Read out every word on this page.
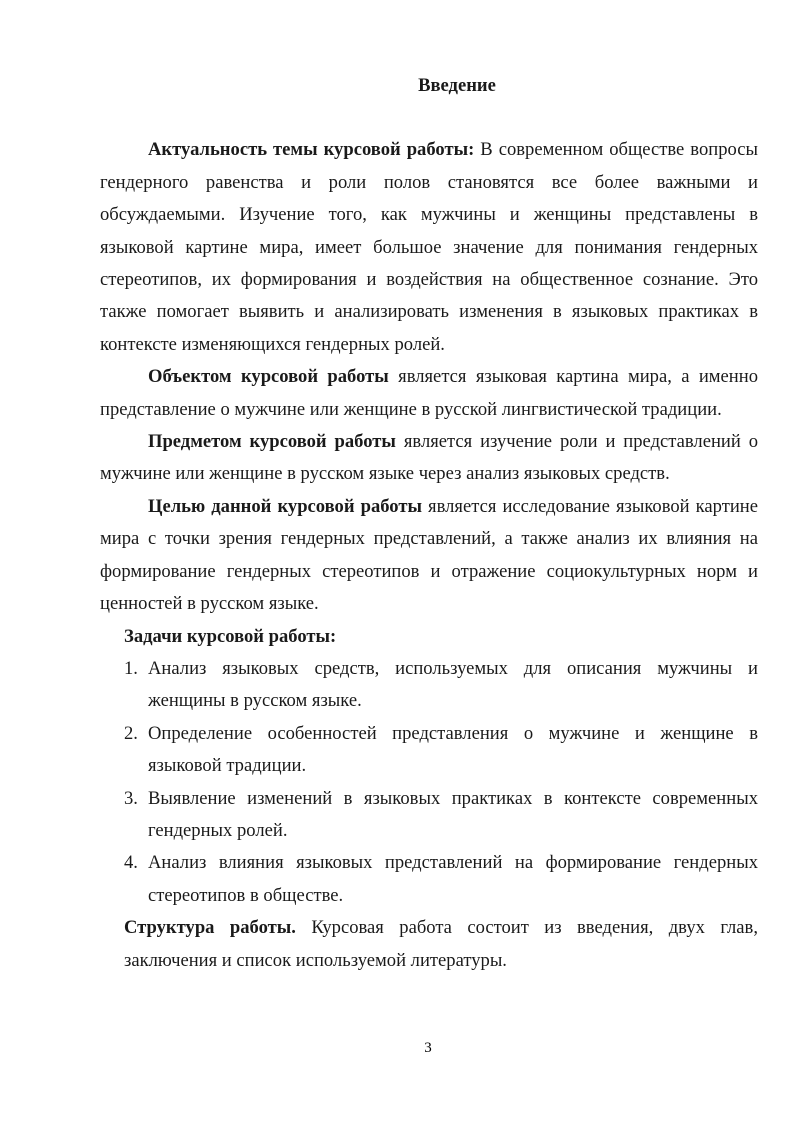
Введение

Актуальность темы курсовой работы: В современном обществе вопросы гендерного равенства и роли полов становятся все более важными и обсуждаемыми. Изучение того, как мужчины и женщины представлены в языковой картине мира, имеет большое значение для понимания гендерных стереотипов, их формирования и воздействия на общественное сознание. Это также помогает выявить и анализировать изменения в языковых практиках в контексте изменяющихся гендерных ролей.

Объектом курсовой работы является языковая картина мира, а именно представление о мужчине или женщине в русской лингвистической традиции.

Предметом курсовой работы является изучение роли и представлений о мужчине или женщине в русском языке через анализ языковых средств.

Целью данной курсовой работы является исследование языковой картине мира с точки зрения гендерных представлений, а также анализ их влияния на формирование гендерных стереотипов и отражение социокультурных норм и ценностей в русском языке.

Задачи курсовой работы:

1. Анализ языковых средств, используемых для описания мужчины и женщины в русском языке.
2. Определение особенностей представления о мужчине и женщине в языковой традиции.
3. Выявление изменений в языковых практиках в контексте современных гендерных ролей.
4. Анализ влияния языковых представлений на формирование гендерных стереотипов в обществе.

Структура работы. Курсовая работа состоит из введения, двух глав, заключения и список используемой литературы.

3
